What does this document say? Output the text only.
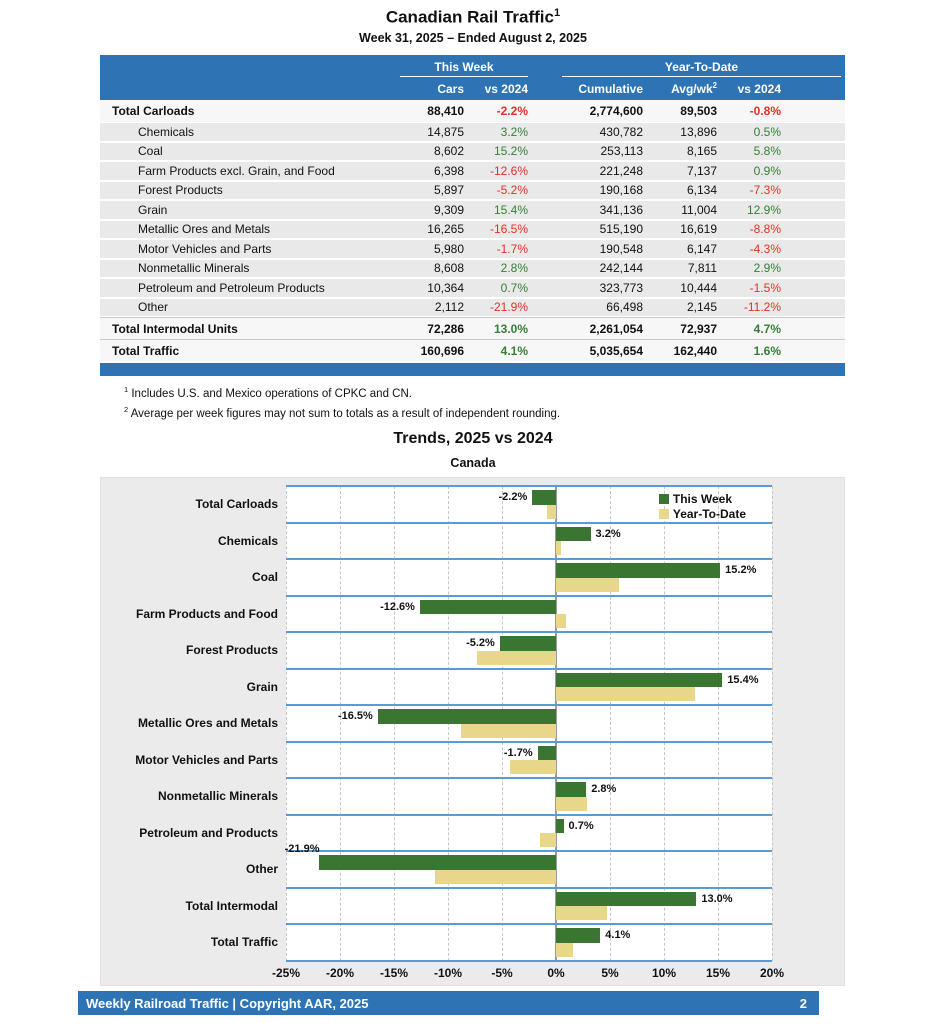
Canadian Rail Traffic$^1$
Week 31, 2025 – Ended August 2, 2025
This Week	Year-To-Date
Cars	vs 2024	Cumulative	Avg/$wk^2$	vs 2024
Total Carloads	88,410	-2.2%	2,774,600	89,503	-0.8%
Chemicals	14,875	3.2%	430,782	13,896	0.5%
Coal	8,602	15.2%	253,113	8,165	5.8%
Farm Products excl. Grain, and Food	6,398	-12.6%	221,248	7,137	0.9%
Forest Products	5,897	-5.2%	190,168	6,134	-7.3%
Grain	9,309	15.4%	341,136	11,004	12.9%
Metallic Ores and Metals	16,265	-16.5%	515,190	16,619	-8.8%
Motor Vehicles and Parts	5,980	-1.7%	190,548	6,147	-4.3%
Nonmetallic Minerals	8,608	2.8%	242,144	7,811	2.9%
Petroleum and Petroleum Products	10,364	0.7%	323,773	10,444	-1.5%
Other	2,112	-21.9%	66,498	2,145	-11.2%
Total Intermodal Units	72,286	13.0%	2,261,054	72,937	4.7%
Total Traffic	160,696	4.1%	5,035,654	162,440	1.6%
$^1$ Includes U.S. and Mexico operations of CPKC and CN.
$^2$ Average per week figures may not sum to totals as a result of independent rounding.
Trends, 2025 vs 2024
Canada
This Week
Year-To-Date
-2.2%
3.2%
15.2%
-12.6%
-5.2%
15.4%
-16.5%
-1.7%
2.8%
0.7%
-21.9%
13.0%
4.1%
-25%	-20%	-15%	-10%	-5%	0%	5%	10%	15%	20%
Total Carloads
Chemicals
Coal
Farm Products and Food
Forest Products
Grain
Metallic Ores and Metals
Motor Vehicles and Parts
Nonmetallic Minerals
Petroleum and Products
Other
Total Intermodal
Total Traffic
Weekly Railroad Traffic | Copyright AAR, 2025	2
